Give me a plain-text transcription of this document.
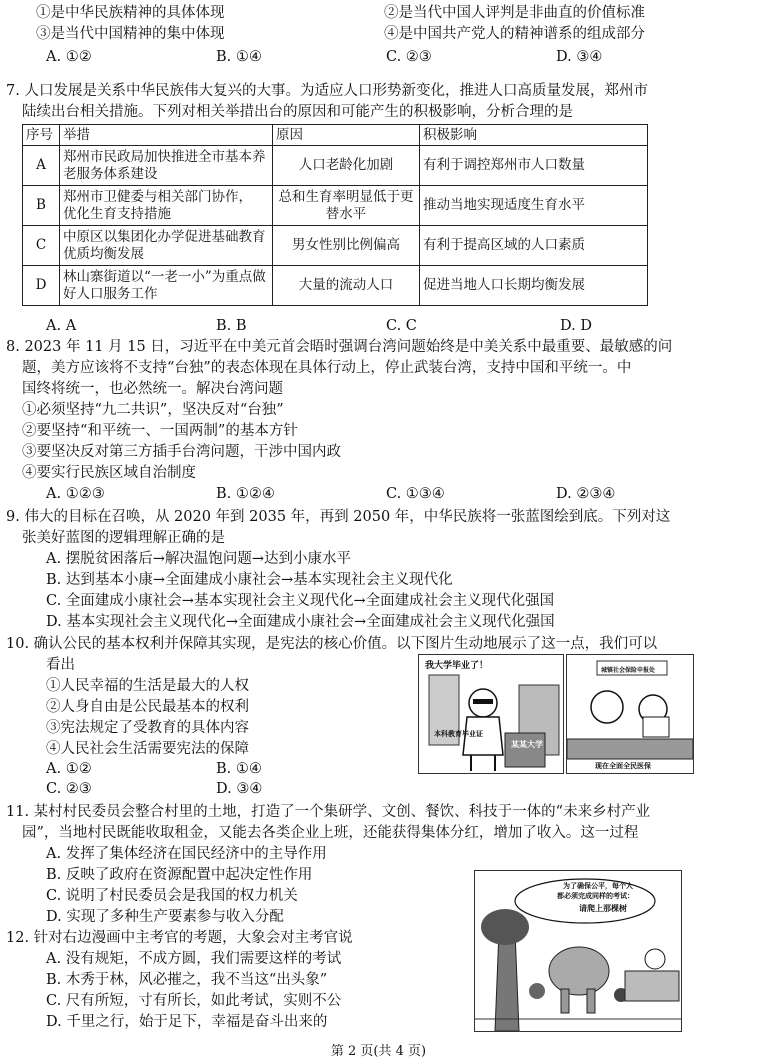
①是中华民族精神的具体体现	②是当代中国人评判是非曲直的价值标准
③是当代中国精神的集中体现	④是中国共产党人的精神谱系的组成部分
A. ①②	B. ①④	C. ②③	D. ③④
7. 人口发展是关系中华民族伟大复兴的大事。为适应人口形势新变化，推进人口高质量发展，郑州市
陆续出台相关措施。下列对相关举措出台的原因和可能产生的积极影响，分析合理的是
序号	举措	原因	积极影响
A	郑州市民政局加快推进全市基本养老服务体系建设	人口老龄化加剧	有利于调控郑州市人口数量
B	郑州市卫健委与相关部门协作， 优化生育支持措施	总和生育率明显低于更替水平	推动当地实现适度生育水平
C	中原区以集团化办学促进基础教育优质均衡发展	男女性别比例偏高	有利于提高区域的人口素质
D	林山寨街道以“一老一小”为重点做好人口服务工作	大量的流动人口	促进当地人口长期均衡发展
A. A	B. B	C. C	D. D
8. 2023 年 11 月 15 日，习近平在中美元首会晤时强调台湾问题始终是中美关系中最重要、最敏感的问
题，美方应该将不支持“台独”的表态体现在具体行动上，停止武装台湾，支持中国和平统一。中
国终将统一，也必然统一。解决台湾问题
①必须坚持“九二共识”，坚决反对“台独”
②要坚持“和平统一、一国两制”的基本方针
③要坚决反对第三方插手台湾问题，干涉中国内政
④要实行民族区域自治制度
A. ①②③	B. ①②④	C. ①③④	D. ②③④
9. 伟大的目标在召唤，从 2020 年到 2035 年，再到 2050 年，中华民族将一张蓝图绘到底。下列对这
张美好蓝图的逻辑理解正确的是
A. 摆脱贫困落后→解决温饱问题→达到小康水平
B. 达到基本小康→全面建成小康社会→基本实现社会主义现代化
C. 全面建成小康社会→基本实现社会主义现代化→全面建成社会主义现代化强国
D. 基本实现社会主义现代化→全面建成小康社会→全面建成社会主义现代化强国
10. 确认公民的基本权利并保障其实现，是宪法的核心价值。以下图片生动地展示了这一点，我们可以
看出
①人民幸福的生活是最大的人权
②人身自由是公民最基本的权利
③宪法规定了受教育的具体内容
④人民社会生活需要宪法的保障
A. ①②	B. ①④
C. ②③	D. ③④
我大学毕业了！
本科教育毕业证
某某大学
城镇社会保险申报处
现在全面全民医保
11. 某村村民委员会整合村里的土地，打造了一个集研学、文创、餐饮、科技于一体的“未来乡村产业
园”，当地村民既能收取租金，又能去各类企业上班，还能获得集体分红，增加了收入。这一过程
A. 发挥了集体经济在国民经济中的主导作用
B. 反映了政府在资源配置中起决定性作用
C. 说明了村民委员会是我国的权力机关
D. 实现了多种生产要素参与收入分配
12. 针对右边漫画中主考官的考题，大象会对主考官说
A. 没有规矩，不成方圆，我们需要这样的考试
B. 木秀于林，风必摧之，我不当这“出头象”
C. 尺有所短，寸有所长，如此考试，实则不公
D. 千里之行，始于足下，幸福是奋斗出来的
为了确保公平，每个人
都必须完成同样的考试：
请爬上那棵树
第 2 页(共 4 页)
